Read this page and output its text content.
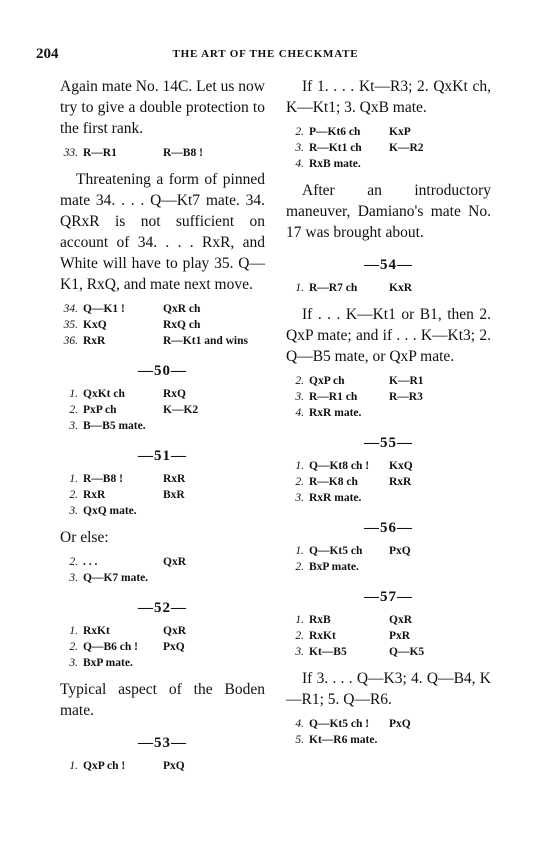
204	THE ART OF THE CHECKMATE

Again mate No. 14C. Let us now try to give a double protection to the first rank.

33. R—R1	R—B8 !

Threatening a form of pinned mate 34. . . . Q—Kt7 mate. 34. QRxR is not sufficient on account of 34. . . . RxR, and White will have to play 35. Q—K1, RxQ, and mate next move.

34. Q—K1 !	QxR ch
35. KxQ	RxQ ch
36. RxR	R—Kt1 and wins
—50—
1. QxKt ch	RxQ
2. PxP ch	K—K2
3. B—B5 mate.
—51—
1. R—B8 !	RxR
2. RxR	BxR
3. QxQ mate.

Or else:

2. . . .	QxR
3. Q—K7 mate.
—52—
1. RxKt	QxR
2. Q—B6 ch !	PxQ
3. BxP mate.

Typical aspect of the Boden mate.

—53—
1. QxP ch !	PxQ

If 1. . . . Kt—R3; 2. QxKt ch, K—Kt1; 3. QxB mate.

2. P—Kt6 ch	KxP
3. R—Kt1 ch	K—R2
4. RxB mate.

After an introductory maneuver, Damiano's mate No. 17 was brought about.

—54—
1. R—R7 ch	KxR

If . . . K—Kt1 or B1, then 2. QxP mate; and if . . . K—Kt3; 2. Q—B5 mate, or QxP mate.

2. QxP ch	K—R1
3. R—R1 ch	R—R3
4. RxR mate.
—55—
1. Q—Kt8 ch !	KxQ
2. R—K8 ch	RxR
3. RxR mate.
—56—
1. Q—Kt5 ch	PxQ
2. BxP mate.
—57—
1. RxB	QxR
2. RxKt	PxR
3. Kt—B5	Q—K5

If 3. . . . Q—K3; 4. Q—B4, K—R1; 5. Q—R6.

4. Q—Kt5 ch !	PxQ
5. Kt—R6 mate.
